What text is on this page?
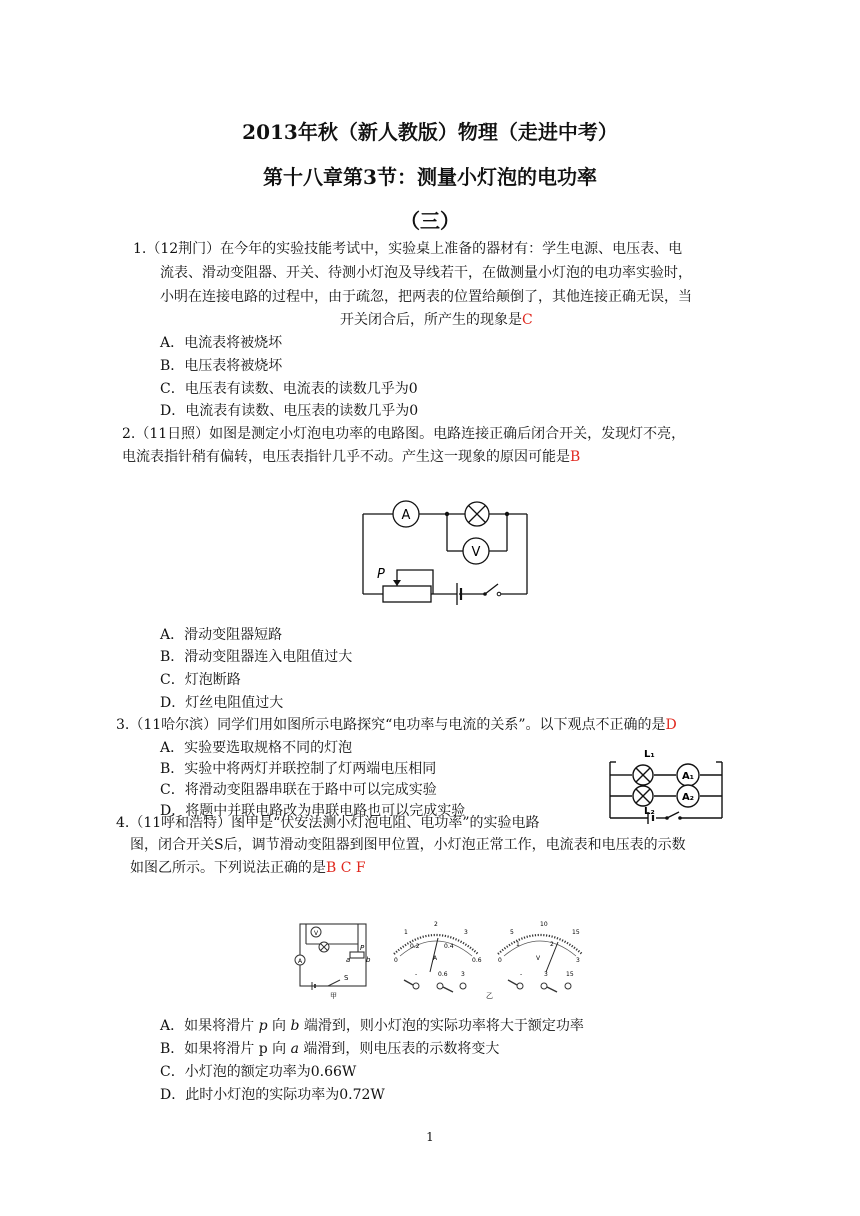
2013年秋（新人教版）物理（走进中考）
第十八章第3节：测量小灯泡的电功率
（三）
1.（12荆门）在今年的实验技能考试中，实验桌上准备的器材有：学生电源、电压表、电
流表、滑动变阻器、开关、待测小灯泡及导线若干，在做测量小灯泡的电功率实验时，
小明在连接电路的过程中，由于疏忽，把两表的位置给颠倒了，其他连接正确无误，当
开关闭合后，所产生的现象是C
A．电流表将被烧坏
B．电压表将被烧坏
C．电压表有读数、电流表的读数几乎为0
D．电流表有读数、电压表的读数几乎为0
2.（11日照）如图是测定小灯泡电功率的电路图。电路连接正确后闭合开关，发现灯不亮，
电流表指针稍有偏转，电压表指针几乎不动。产生这一现象的原因可能是B
A
V
P
A．滑动变阻器短路
B．滑动变阻器连入电阻值过大
C．灯泡断路
D．灯丝电阻值过大
3.（11哈尔滨）同学们用如图所示电路探究“电功率与电流的关系”。以下观点不正确的是D
A．实验要选取规格不同的灯泡
B．实验中将两灯并联控制了灯两端电压相同
C．将滑动变阻器串联在于路中可以完成实验
D．将题中并联电路改为串联电路也可以完成实验
A₁
A₂
L₁
L₂
4.（11呼和浩特）图甲是“伏安法测小灯泡电阻、电功率”的实验电路
图，闭合开关S后，调节滑动变阻器到图甲位置，小灯泡正常工作，电流表和电压表的示数
如图乙所示。下列说法正确的是B C F
V
A
P
a b
S
甲
1
2
3
0
0.2	0.4
0.6
A
-	0.6 3
5
10
15
0
1	2
3
V
-	3	15
乙
A．如果将滑片 p 向 b 端滑到，则小灯泡的实际功率将大于额定功率
B．如果将滑片 p 向 a 端滑到，则电压表的示数将变大
C．小灯泡的额定功率为0.66W
D．此时小灯泡的实际功率为0.72W
1
